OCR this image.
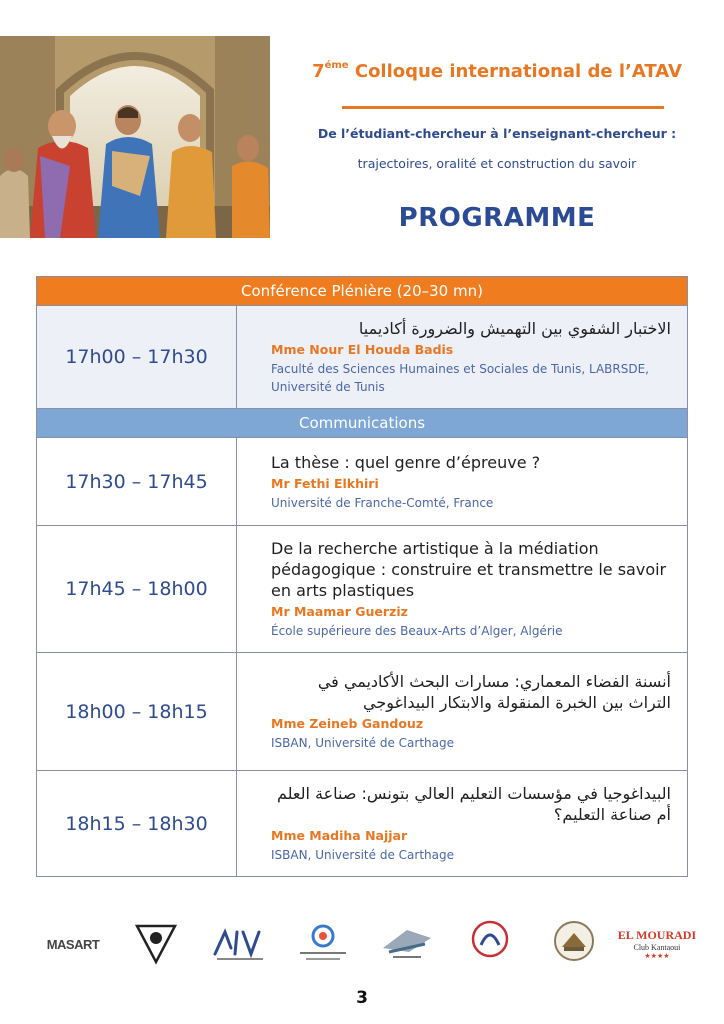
$7^{éme}$ Colloque international de l’ATAV
De l’étudiant-chercheur à l’enseignant-chercheur :
trajectoires, oralité et construction du savoir
PROGRAMME
Conférence Plénière (20–30 mn)	
17h00 – 17h30	الاختبار الشفوي بين التهميش والضرورة أكاديميا
Mme Nour El Houda Badis
Faculté des Sciences Humaines et Sociales de Tunis, LABRSDE, Université de Tunis

Communications	
17h30 – 17h45	La thèse : quel genre d’épreuve ?
Mr Fethi Elkhiri
Université de Franche-Comté, France

17h45 – 18h00	De la recherche artistique à la médiation pédagogique : construire et transmettre le savoir en arts plastiques
Mr Maamar Guerziz
École supérieure des Beaux-Arts d’Alger, Algérie

18h00 – 18h15	أنسنة الفضاء المعماري: مسارات البحث الأكاديمي في التراث بين الخبرة المنقولة والابتكار البيداغوجي
Mme Zeineb Gandouz
ISBAN, Université de Carthage

18h15 – 18h30	البيداغوجيا في مؤسسات التعليم العالي بتونس: صناعة العلم أم صناعة التعليم؟
Mme Madiha Najjar
ISBAN, Université de Carthage
MASART
EL MOURADI
Club Kantaoui
★★★★
3
